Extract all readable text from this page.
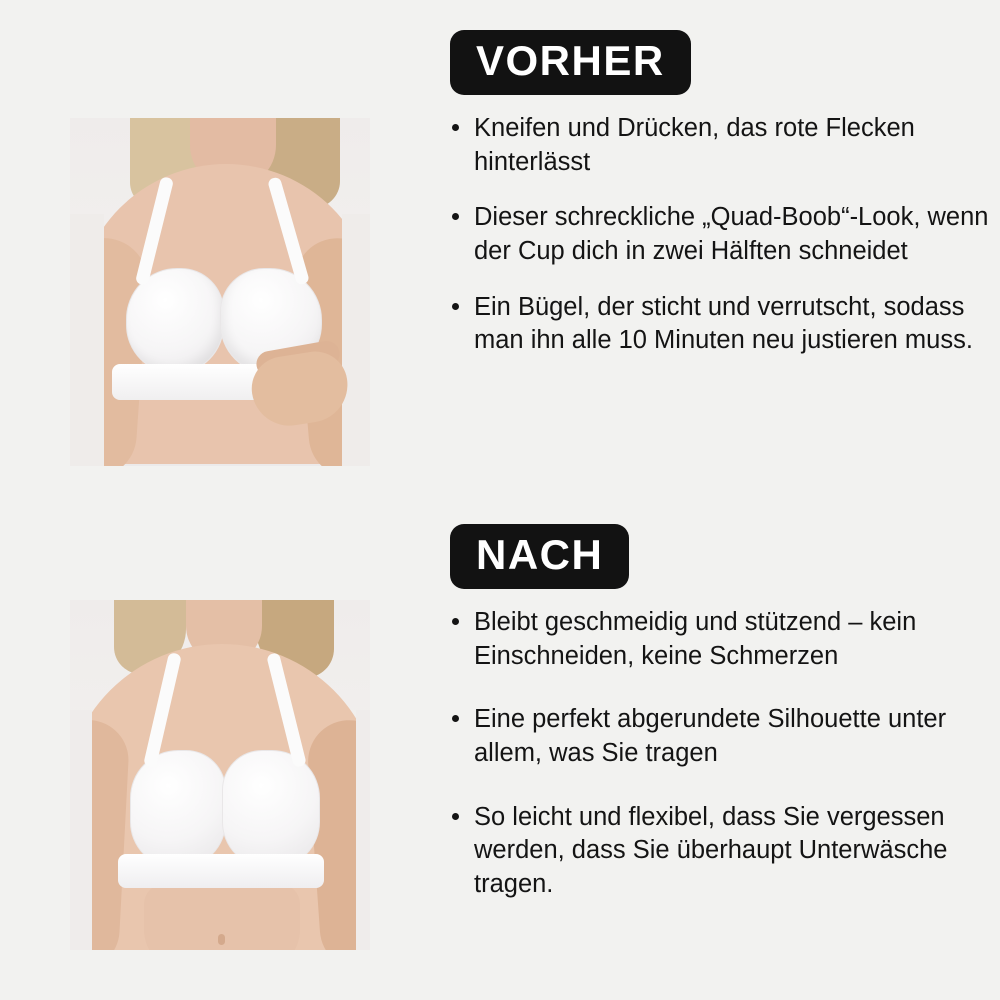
VORHER
Kneifen und Drücken, das rote Flecken hinterlässt
Dieser schreckliche „Quad-Boob“-Look, wenn der Cup dich in zwei Hälften schneidet
Ein Bügel, der sticht und verrutscht, sodass man ihn alle 10 Minuten neu justieren muss.
NACH
Bleibt geschmeidig und stützend – kein Einschneiden, keine Schmerzen
Eine perfekt abgerundete Silhouette unter allem, was Sie tragen
So leicht und flexibel, dass Sie vergessen werden, dass Sie überhaupt Unterwäsche tragen.
